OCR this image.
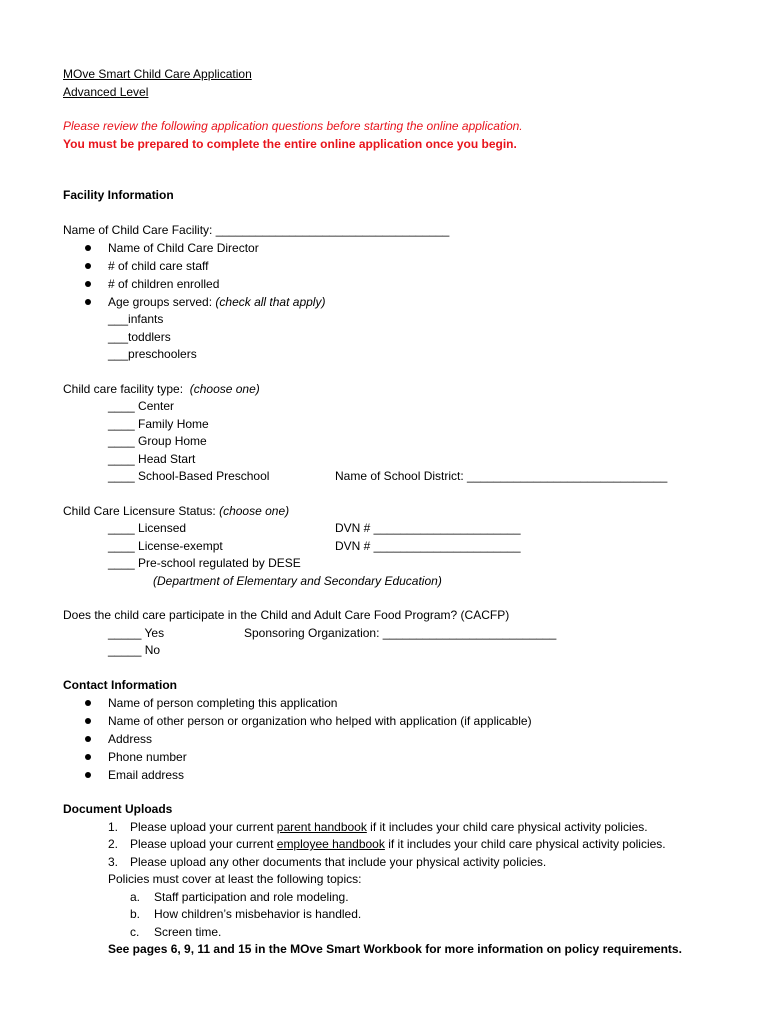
MOve Smart Child Care Application
Advanced Level
Please review the following application questions before starting the online application.
You must be prepared to complete the entire online application once you begin.
Facility Information
Name of Child Care Facility: ___________________________________
Name of Child Care Director
# of child care staff
# of children enrolled
Age groups served: (check all that apply)
___infants
___toddlers
___preschoolers
Child care facility type:  (choose one)
____ Center
____ Family Home
____ Group Home
____ Head Start
____ School-Based Preschool	Name of School District: ______________________________
Child Care Licensure Status: (choose one)
____ Licensed	DVN # ______________________
____ License-exempt	DVN # ______________________
____ Pre-school regulated by DESE
(Department of Elementary and Secondary Education)
Does the child care participate in the Child and Adult Care Food Program? (CACFP)
_____ Yes	Sponsoring Organization: __________________________
_____ No
Contact Information
Name of person completing this application
Name of other person or organization who helped with application (if applicable)
Address
Phone number
Email address
Document Uploads
1. Please upload your current parent handbook if it includes your child care physical activity policies.
2. Please upload your current employee handbook if it includes your child care physical activity policies.
3. Please upload any other documents that include your physical activity policies.
Policies must cover at least the following topics:
a. Staff participation and role modeling.
b. How children’s misbehavior is handled.
c. Screen time.
See pages 6, 9, 11 and 15 in the MOve Smart Workbook for more information on policy requirements.
